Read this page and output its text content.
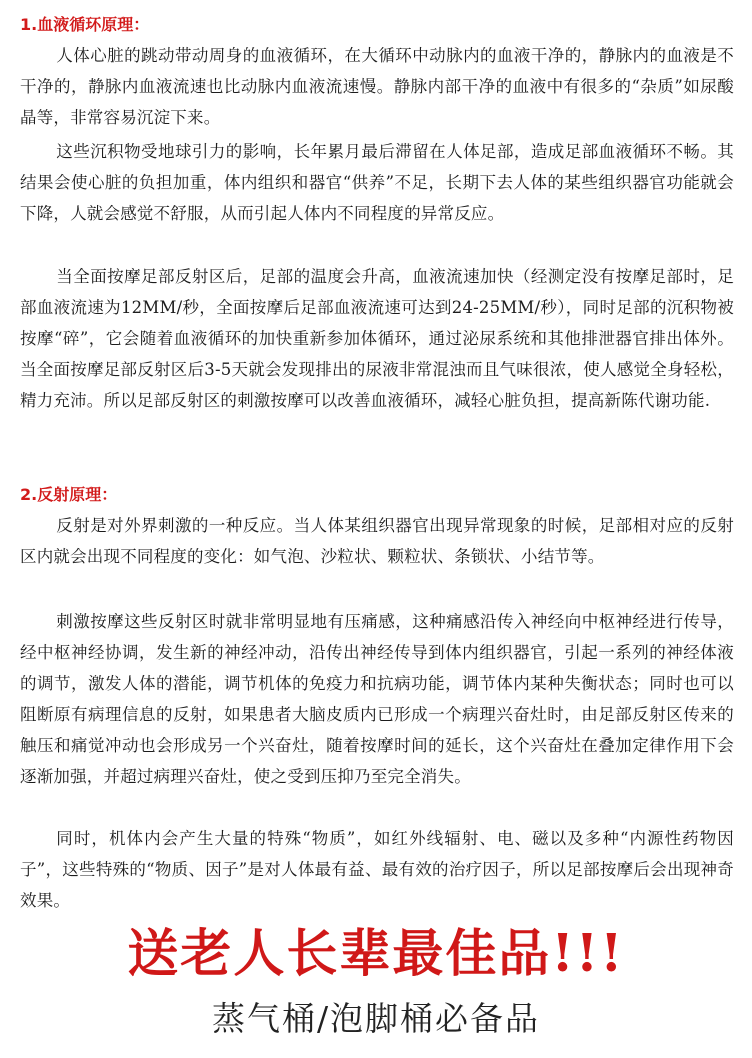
1.血液循环原理：

人体心脏的跳动带动周身的血液循环，在大循环中动脉内的血液干净的，静脉内的血液是不干净的，静脉内血液流速也比动脉内血液流速慢。静脉内部干净的血液中有很多的“杂质”如尿酸晶等，非常容易沉淀下来。

这些沉积物受地球引力的影响，长年累月最后滞留在人体足部，造成足部血液循环不畅。其结果会使心脏的负担加重，体内组织和器官“供养”不足，长期下去人体的某些组织器官功能就会下降，人就会感觉不舒服，从而引起人体内不同程度的异常反应。

当全面按摩足部反射区后，足部的温度会升高，血液流速加快（经测定没有按摩足部时，足部血液流速为12MM/秒，全面按摩后足部血液流速可达到24-25MM/秒），同时足部的沉积物被按摩“碎”，它会随着血液循环的加快重新参加体循环，通过泌尿系统和其他排泄器官排出体外。当全面按摩足部反射区后3-5天就会发现排出的尿液非常混浊而且气味很浓，使人感觉全身轻松，精力充沛。所以足部反射区的刺激按摩可以改善血液循环，减轻心脏负担，提高新陈代谢功能.

2.反射原理：

反射是对外界刺激的一种反应。当人体某组织器官出现异常现象的时候，足部相对应的反射区内就会出现不同程度的变化：如气泡、沙粒状、颗粒状、条锁状、小结节等。

刺激按摩这些反射区时就非常明显地有压痛感，这种痛感沿传入神经向中枢神经进行传导，经中枢神经协调，发生新的神经冲动，沿传出神经传导到体内组织器官，引起一系列的神经体液的调节，激发人体的潜能，调节机体的免疫力和抗病功能，调节体内某种失衡状态；同时也可以阻断原有病理信息的反射，如果患者大脑皮质内已形成一个病理兴奋灶时，由足部反射区传来的触压和痛觉冲动也会形成另一个兴奋灶，随着按摩时间的延长，这个兴奋灶在叠加定律作用下会逐渐加强，并超过病理兴奋灶，使之受到压抑乃至完全消失。

同时，机体内会产生大量的特殊“物质”，如红外线辐射、电、磁以及多种“内源性药物因子”，这些特殊的“物质、因子”是对人体最有益、最有效的治疗因子，所以足部按摩后会出现神奇效果。

送老人长辈最佳品!!!
蒸气桶/泡脚桶必备品
